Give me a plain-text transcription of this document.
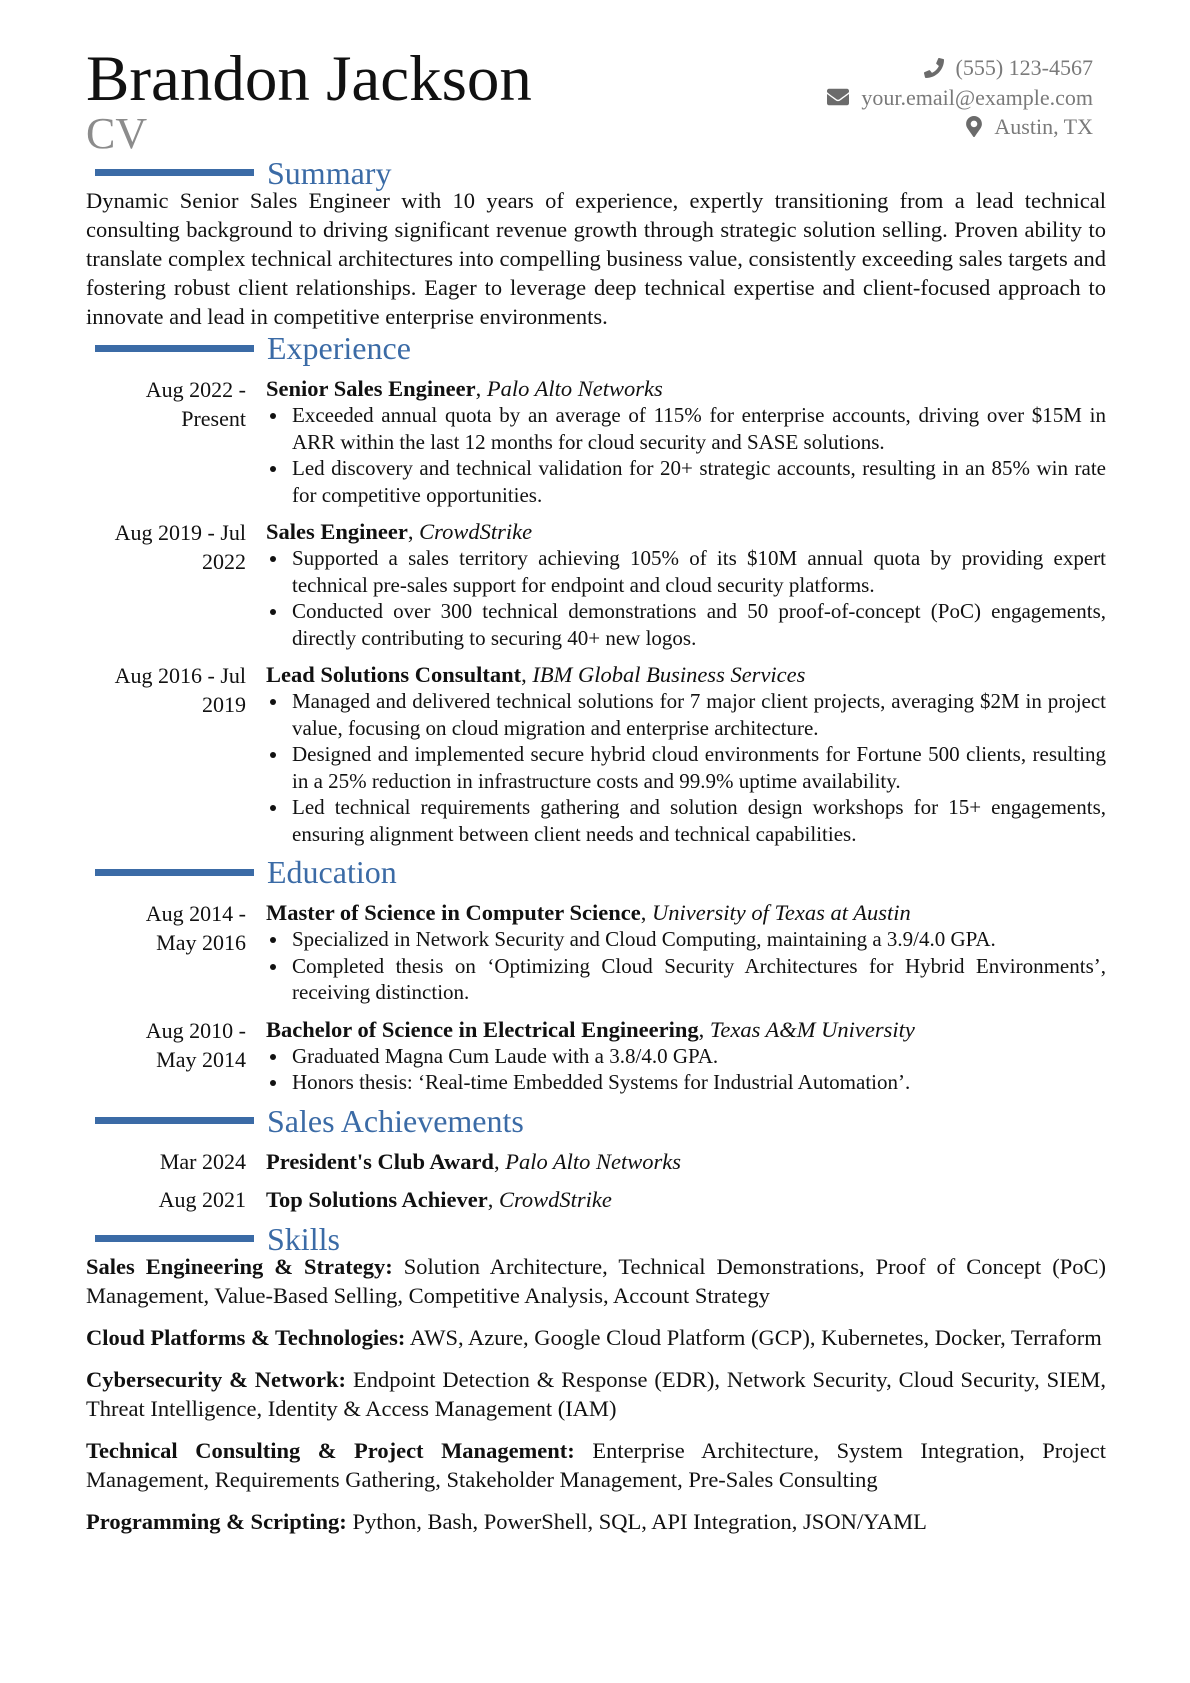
(555) 123-4567
your.email@example.com
Austin, TX
Brandon Jackson
CV
Summary

Dynamic Senior Sales Engineer with 10 years of experience, expertly transitioning from a lead technical consulting background to driving significant revenue growth through strategic solution selling. Proven ability to translate complex technical architectures into compelling business value, consistently exceeding sales targets and fostering robust client relationships. Eager to leverage deep technical expertise and client-focused approach to innovate and lead in competitive enterprise environments.

Experience
Aug 2022 - Present
Senior Sales Engineer, Palo Alto Networks
Exceeded annual quota by an average of 115% for enterprise accounts, driving over $15M in ARR within the last 12 months for cloud security and SASE solutions.
Led discovery and technical validation for 20+ strategic accounts, resulting in an 85% win rate for competitive opportunities.
Aug 2019 - Jul 2022
Sales Engineer, CrowdStrike
Supported a sales territory achieving 105% of its $10M annual quota by providing expert technical pre-sales support for endpoint and cloud security platforms.
Conducted over 300 technical demonstrations and 50 proof-of-concept (PoC) engagements, directly contributing to securing 40+ new logos.
Aug 2016 - Jul 2019
Lead Solutions Consultant, IBM Global Business Services
Managed and delivered technical solutions for 7 major client projects, averaging $2M in project value, focusing on cloud migration and enterprise architecture.
Designed and implemented secure hybrid cloud environments for Fortune 500 clients, resulting in a 25% reduction in infrastructure costs and 99.9% uptime availability.
Led technical requirements gathering and solution design workshops for 15+ engagements, ensuring alignment between client needs and technical capabilities.
Education
Aug 2014 - May 2016
Master of Science in Computer Science, University of Texas at Austin
Specialized in Network Security and Cloud Computing, maintaining a 3.9/4.0 GPA.
Completed thesis on ‘Optimizing Cloud Security Architectures for Hybrid Environments’, receiving distinction.
Aug 2010 - May 2014
Bachelor of Science in Electrical Engineering, Texas A&M University
Graduated Magna Cum Laude with a 3.8/4.0 GPA.
Honors thesis: ‘Real-time Embedded Systems for Industrial Automation’.
Sales Achievements
Mar 2024 President's Club Award, Palo Alto Networks
Aug 2021 Top Solutions Achiever, CrowdStrike
Skills

Sales Engineering & Strategy: Solution Architecture, Technical Demonstrations, Proof of Concept (PoC) Management, Value-Based Selling, Competitive Analysis, Account Strategy

Cloud Platforms & Technologies: AWS, Azure, Google Cloud Platform (GCP), Kubernetes, Docker, Terraform

Cybersecurity & Network: Endpoint Detection & Response (EDR), Network Security, Cloud Security, SIEM, Threat Intelligence, Identity & Access Management (IAM)

Technical Consulting & Project Management: Enterprise Architecture, System Integration, Project Management, Requirements Gathering, Stakeholder Management, Pre-Sales Consulting

Programming & Scripting: Python, Bash, PowerShell, SQL, API Integration, JSON/YAML
